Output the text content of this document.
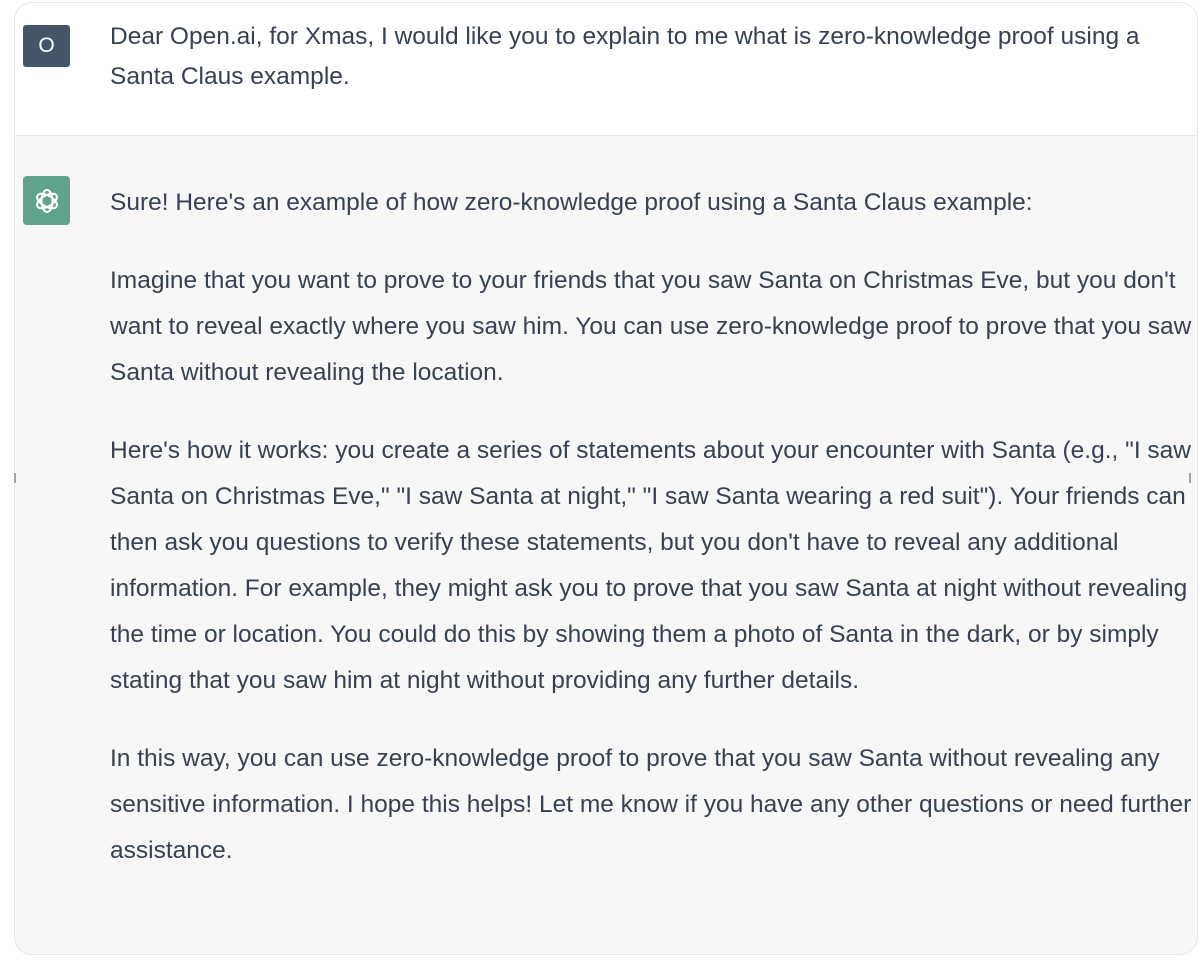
O	Dear Open.ai, for Xmas, I would like you to explain to me what is zero-knowledge proof using a Santa Claus example.

Sure! Here's an example of how zero-knowledge proof using a Santa Claus example:

Imagine that you want to prove to your friends that you saw Santa on Christmas Eve, but you don't want to reveal exactly where you saw him. You can use zero-knowledge proof to prove that you saw Santa without revealing the location.

Here's how it works: you create a series of statements about your encounter with Santa (e.g., "I saw Santa on Christmas Eve," "I saw Santa at night," "I saw Santa wearing a red suit"). Your friends can then ask you questions to verify these statements, but you don't have to reveal any additional information. For example, they might ask you to prove that you saw Santa at night without revealing the time or location. You could do this by showing them a photo of Santa in the dark, or by simply stating that you saw him at night without providing any further details.

In this way, you can use zero-knowledge proof to prove that you saw Santa without revealing any sensitive information. I hope this helps! Let me know if you have any other questions or need further assistance.
